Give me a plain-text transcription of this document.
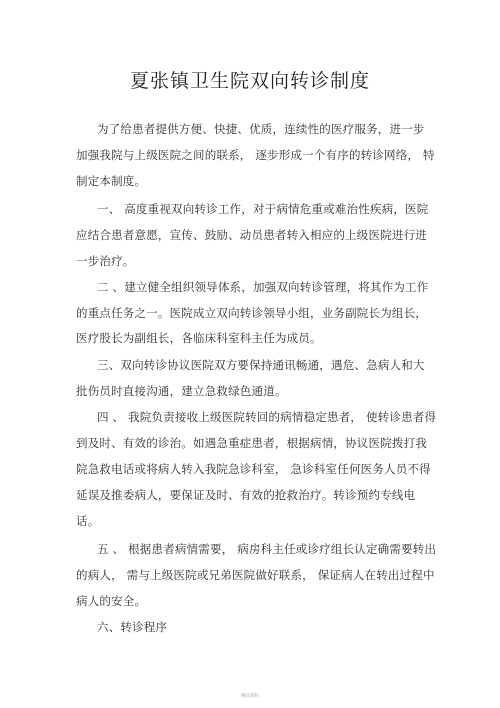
夏张镇卫生院双向转诊制度
为了给患者提供方便、快捷、优质，连续性的医疗服务，进一步
加强我院与上级医院之间的联系， 逐步形成一个有序的转诊网络， 特
制定本制度。
一、 高度重视双向转诊工作，对于病情危重或难治性疾病，医院
应结合患者意愿，宣传、鼓励、动员患者转入相应的上级医院进行进
一步治疗。
二 、建立健全组织领导体系，加强双向转诊管理，将其作为工作
的重点任务之一。医院成立双向转诊领导小组，业务副院长为组长，
医疗股长为副组长，各临床科室科主任为成员。
三、双向转诊协议医院双方要保持通讯畅通，遇危、急病人和大
批伤员时直接沟通，建立急救绿色通道。
四 、 我院负责接收上级医院转回的病情稳定患者， 使转诊患者得
到及时、有效的诊治。如遇急重症患者，根据病情，协议医院拨打我
院急救电话或将病人转入我院急诊科室， 急诊科室任何医务人员不得
延误及推委病人，要保证及时、有效的抢救治疗。转诊预约专线电
话。
五 、 根据患者病情需要， 病房科主任或诊疗组长认定确需要转出
的病人， 需与上级医院或兄弟医院做好联系， 保证病人在转出过程中
病人的安全。
六、转诊程序
精品资料
